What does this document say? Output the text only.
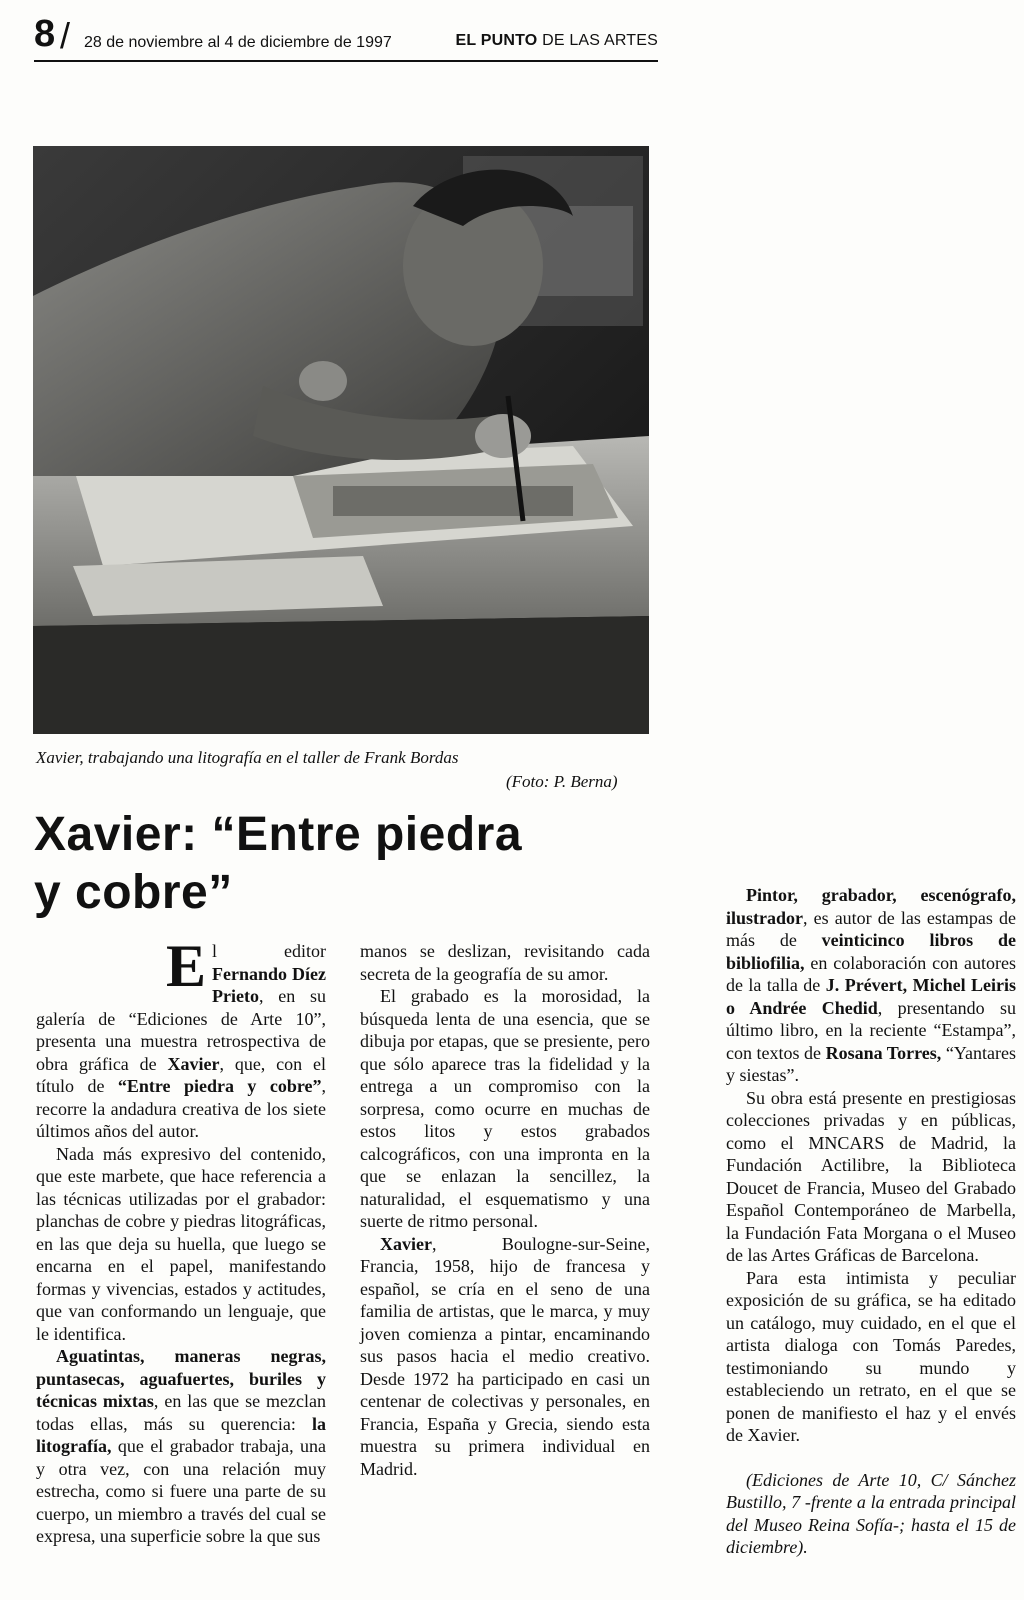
8 / 28 de noviembre al 4 de diciembre de 1997	EL PUNTO DE LAS ARTES
Xavier, trabajando una litografía en el taller de Frank Bordas
(Foto: P. Berna)
Xavier: “Entre piedra y cobre”

El editor Fernando Díez Prieto, en su galería de “Ediciones de Arte 10”, presenta una muestra retrospectiva de obra gráfica de Xavier, que, con el título de “Entre piedra y cobre”, recorre la andadura creativa de los siete últimos años del autor.

Nada más expresivo del contenido, que este marbete, que hace referencia a las técnicas utilizadas por el grabador: planchas de cobre y piedras litográficas, en las que deja su huella, que luego se encarna en el papel, manifestando formas y vivencias, estados y actitudes, que van conformando un lenguaje, que le identifica.

Aguatintas, maneras negras, puntasecas, aguafuertes, buriles y técnicas mixtas, en las que se mezclan todas ellas, más su querencia: la litografía, que el grabador trabaja, una y otra vez, con una relación muy estrecha, como si fuere una parte de su cuerpo, un miembro a través del cual se expresa, una superficie sobre la que sus

manos se deslizan, revisitando cada secreta de la geografía de su amor.

El grabado es la morosidad, la búsqueda lenta de una esencia, que se dibuja por etapas, que se presiente, pero que sólo aparece tras la fidelidad y la entrega a un compromiso con la sorpresa, como ocurre en muchas de estos litos y estos grabados calcográficos, con una impronta en la que se enlazan la sencillez, la naturalidad, el esquematismo y una suerte de ritmo personal.

Xavier, Boulogne-sur-Seine, Francia, 1958, hijo de francesa y español, se cría en el seno de una familia de artistas, que le marca, y muy joven comienza a pintar, encaminando sus pasos hacia el medio creativo. Desde 1972 ha participado en casi un centenar de colectivas y personales, en Francia, España y Grecia, siendo esta muestra su primera individual en Madrid.

Pintor, grabador, escenógrafo, ilustrador, es autor de las estampas de más de veinticinco libros de bibliofilia, en colaboración con autores de la talla de J. Prévert, Michel Leiris o Andrée Chedid, presentando su último libro, en la reciente “Estampa”, con textos de Rosana Torres, “Yantares y siestas”.

Su obra está presente en prestigiosas colecciones privadas y en públicas, como el MNCARS de Madrid, la Fundación Actilibre, la Biblioteca Doucet de Francia, Museo del Grabado Español Contemporáneo de Marbella, la Fundación Fata Morgana o el Museo de las Artes Gráficas de Barcelona.

Para esta intimista y peculiar exposición de su gráfica, se ha editado un catálogo, muy cuidado, en el que el artista dialoga con Tomás Paredes, testimoniando su mundo y estableciendo un retrato, en el que se ponen de manifiesto el haz y el envés de Xavier.

(Ediciones de Arte 10, C/ Sánchez Bustillo, 7 -frente a la entrada principal del Museo Reina Sofía-; hasta el 15 de diciembre).
